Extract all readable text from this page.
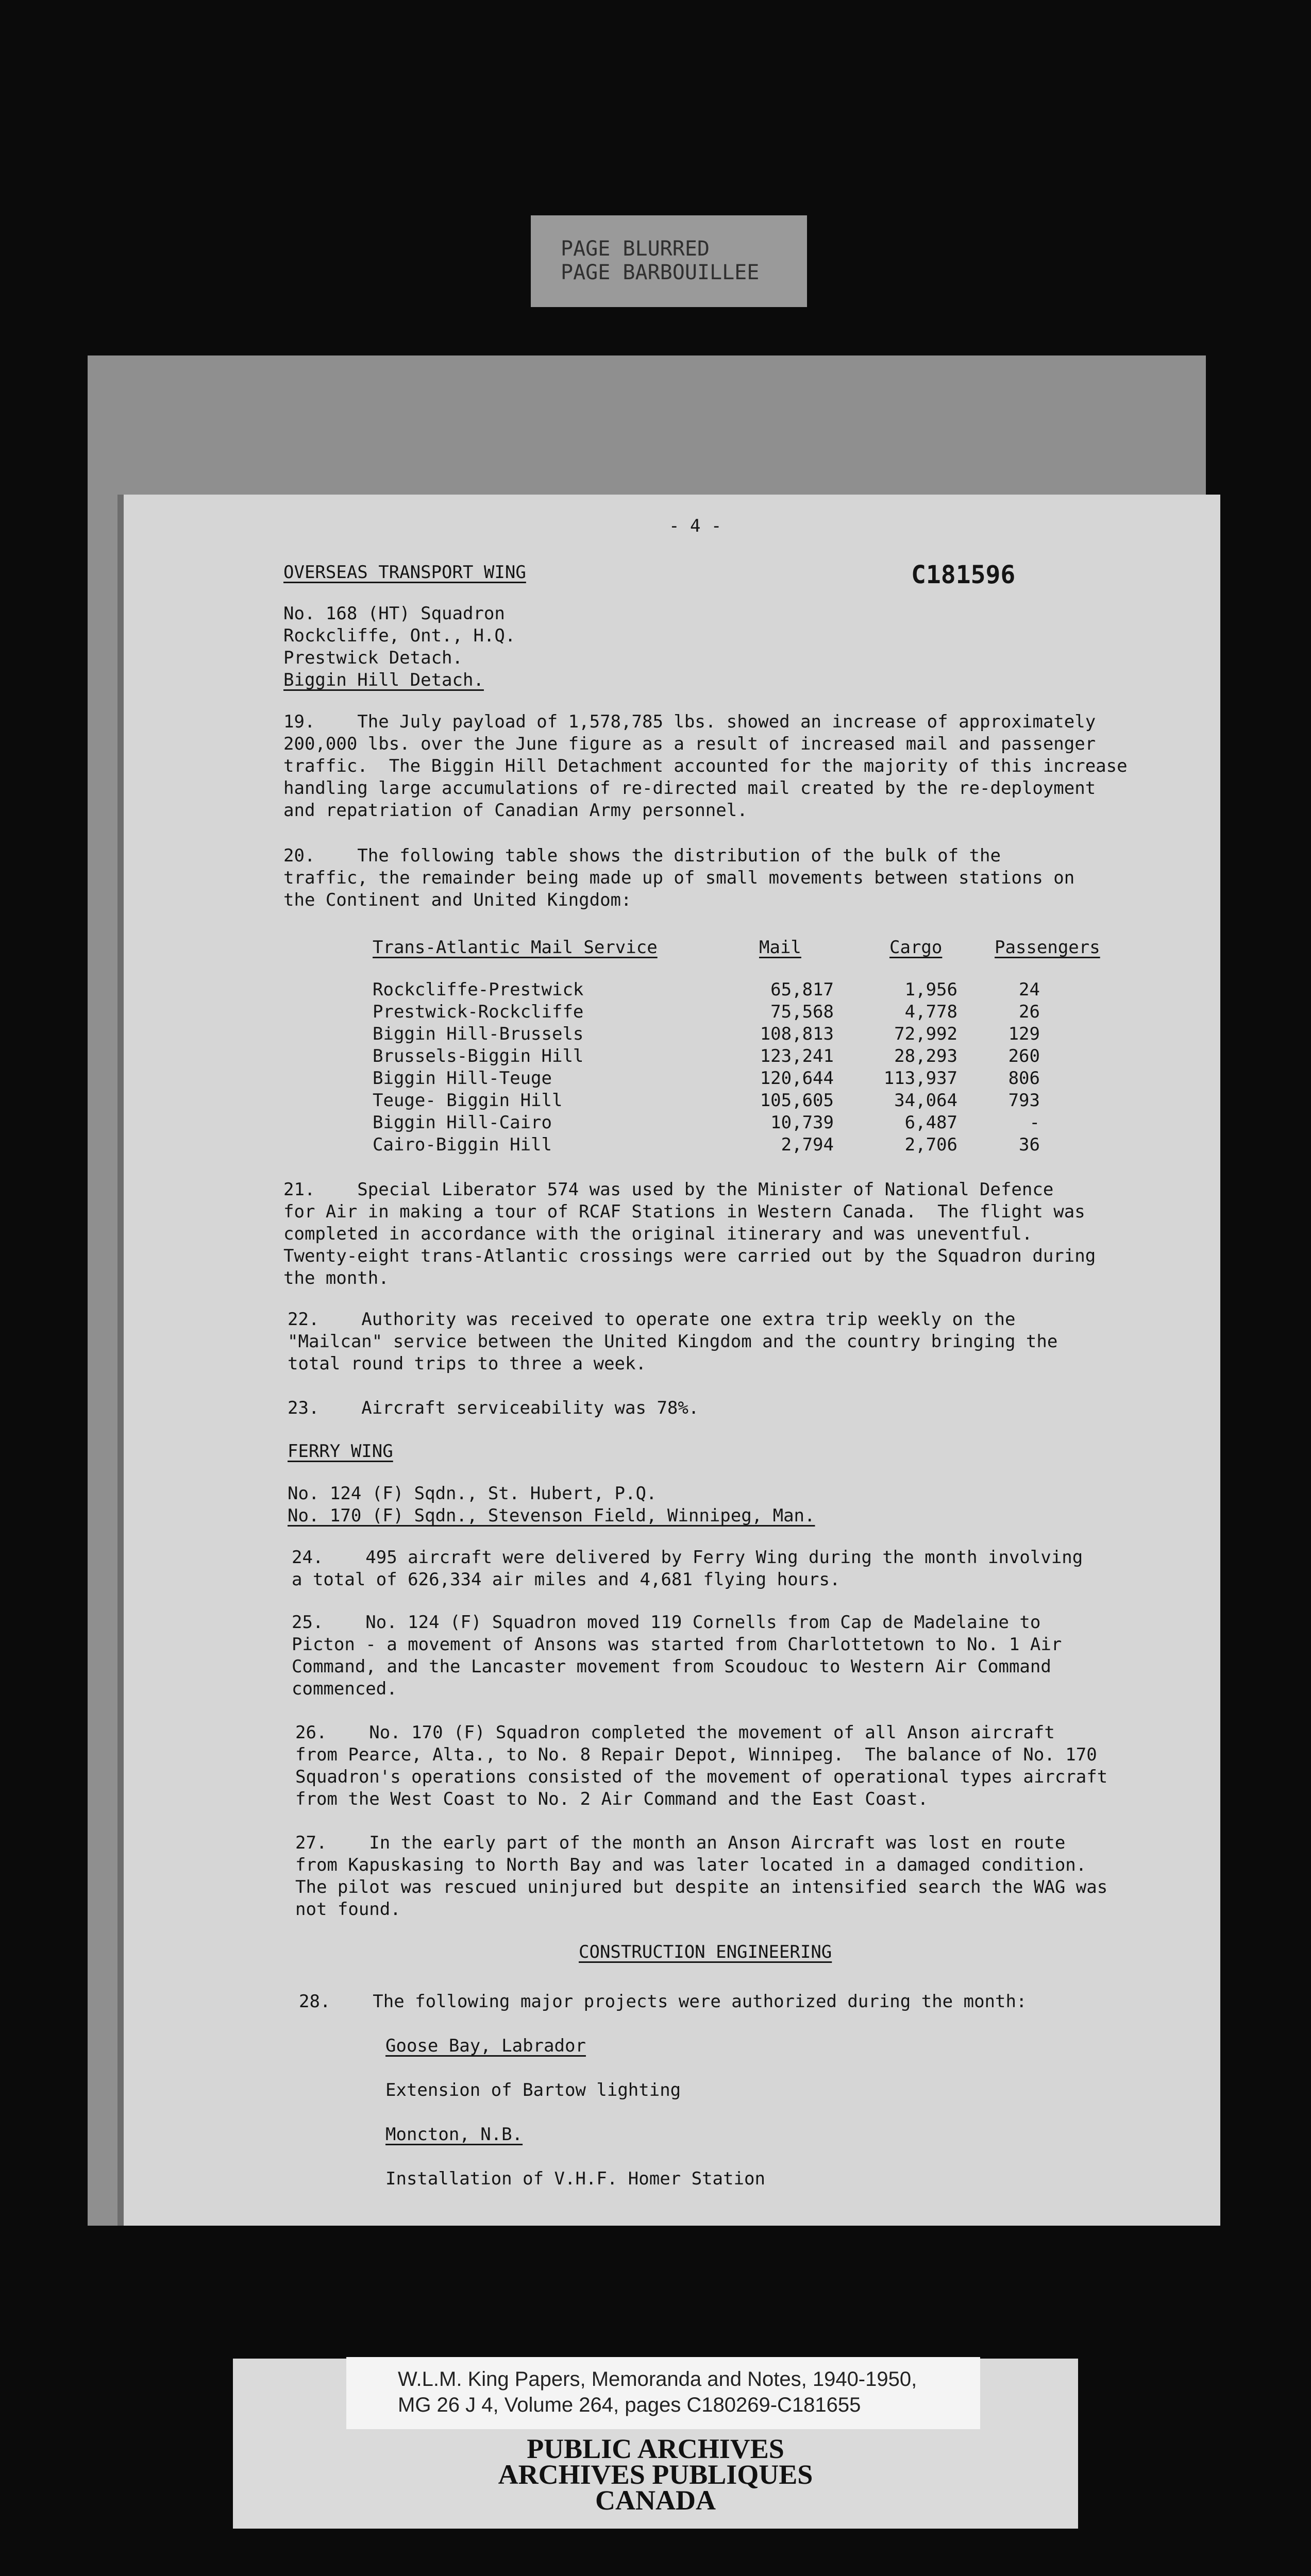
PAGE BLURRED
PAGE BARBOUILLEE
- 4 -
C181596
OVERSEAS TRANSPORT WING
No. 168 (HT) Squadron
Rockcliffe, Ont., H.Q.
Prestwick Detach.
Biggin Hill Detach.
19.    The July payload of 1,578,785 lbs. showed an increase of approximately
200,000 lbs. over the June figure as a result of increased mail and passenger
traffic.  The Biggin Hill Detachment accounted for the majority of this increase
handling large accumulations of re-directed mail created by the re-deployment
and repatriation of Canadian Army personnel.
20.    The following table shows the distribution of the bulk of the
traffic, the remainder being made up of small movements between stations on
the Continent and United Kingdom:
Trans-Atlantic Mail Service	Mail	Cargo	Passengers
Rockcliffe-Prestwick	65,817	1,956	24
Prestwick-Rockcliffe	75,568	4,778	26
Biggin Hill-Brussels	108,813	72,992	129
Brussels-Biggin Hill	123,241	28,293	260
Biggin Hill-Teuge	120,644	113,937	806
Teuge- Biggin Hill	105,605	34,064	793
Biggin Hill-Cairo	10,739	6,487	-
Cairo-Biggin Hill	2,794	2,706	36
21.    Special Liberator 574 was used by the Minister of National Defence
for Air in making a tour of RCAF Stations in Western Canada.  The flight was
completed in accordance with the original itinerary and was uneventful.
Twenty-eight trans-Atlantic crossings were carried out by the Squadron during
the month.
22.    Authority was received to operate one extra trip weekly on the
"Mailcan" service between the United Kingdom and the country bringing the
total round trips to three a week.
23.    Aircraft serviceability was 78%.
FERRY WING
No. 124 (F) Sqdn., St. Hubert, P.Q.
No. 170 (F) Sqdn., Stevenson Field, Winnipeg, Man.
24.    495 aircraft were delivered by Ferry Wing during the month involving
a total of 626,334 air miles and 4,681 flying hours.
25.    No. 124 (F) Squadron moved 119 Cornells from Cap de Madelaine to
Picton - a movement of Ansons was started from Charlottetown to No. 1 Air
Command, and the Lancaster movement from Scoudouc to Western Air Command
commenced.
26.    No. 170 (F) Squadron completed the movement of all Anson aircraft
from Pearce, Alta., to No. 8 Repair Depot, Winnipeg.  The balance of No. 170
Squadron's operations consisted of the movement of operational types aircraft
from the West Coast to No. 2 Air Command and the East Coast.
27.    In the early part of the month an Anson Aircraft was lost en route
from Kapuskasing to North Bay and was later located in a damaged condition.
The pilot was rescued uninjured but despite an intensified search the WAG was
not found.
CONSTRUCTION ENGINEERING
28.    The following major projects were authorized during the month:
Goose Bay, Labrador
Extension of Bartow lighting
Moncton, N.B.
Installation of V.H.F. Homer Station
W.L.M. King Papers, Memoranda and Notes, 1940-1950,
MG 26 J 4, Volume 264, pages C180269-C181655
PUBLIC ARCHIVES
ARCHIVES PUBLIQUES
CANADA
